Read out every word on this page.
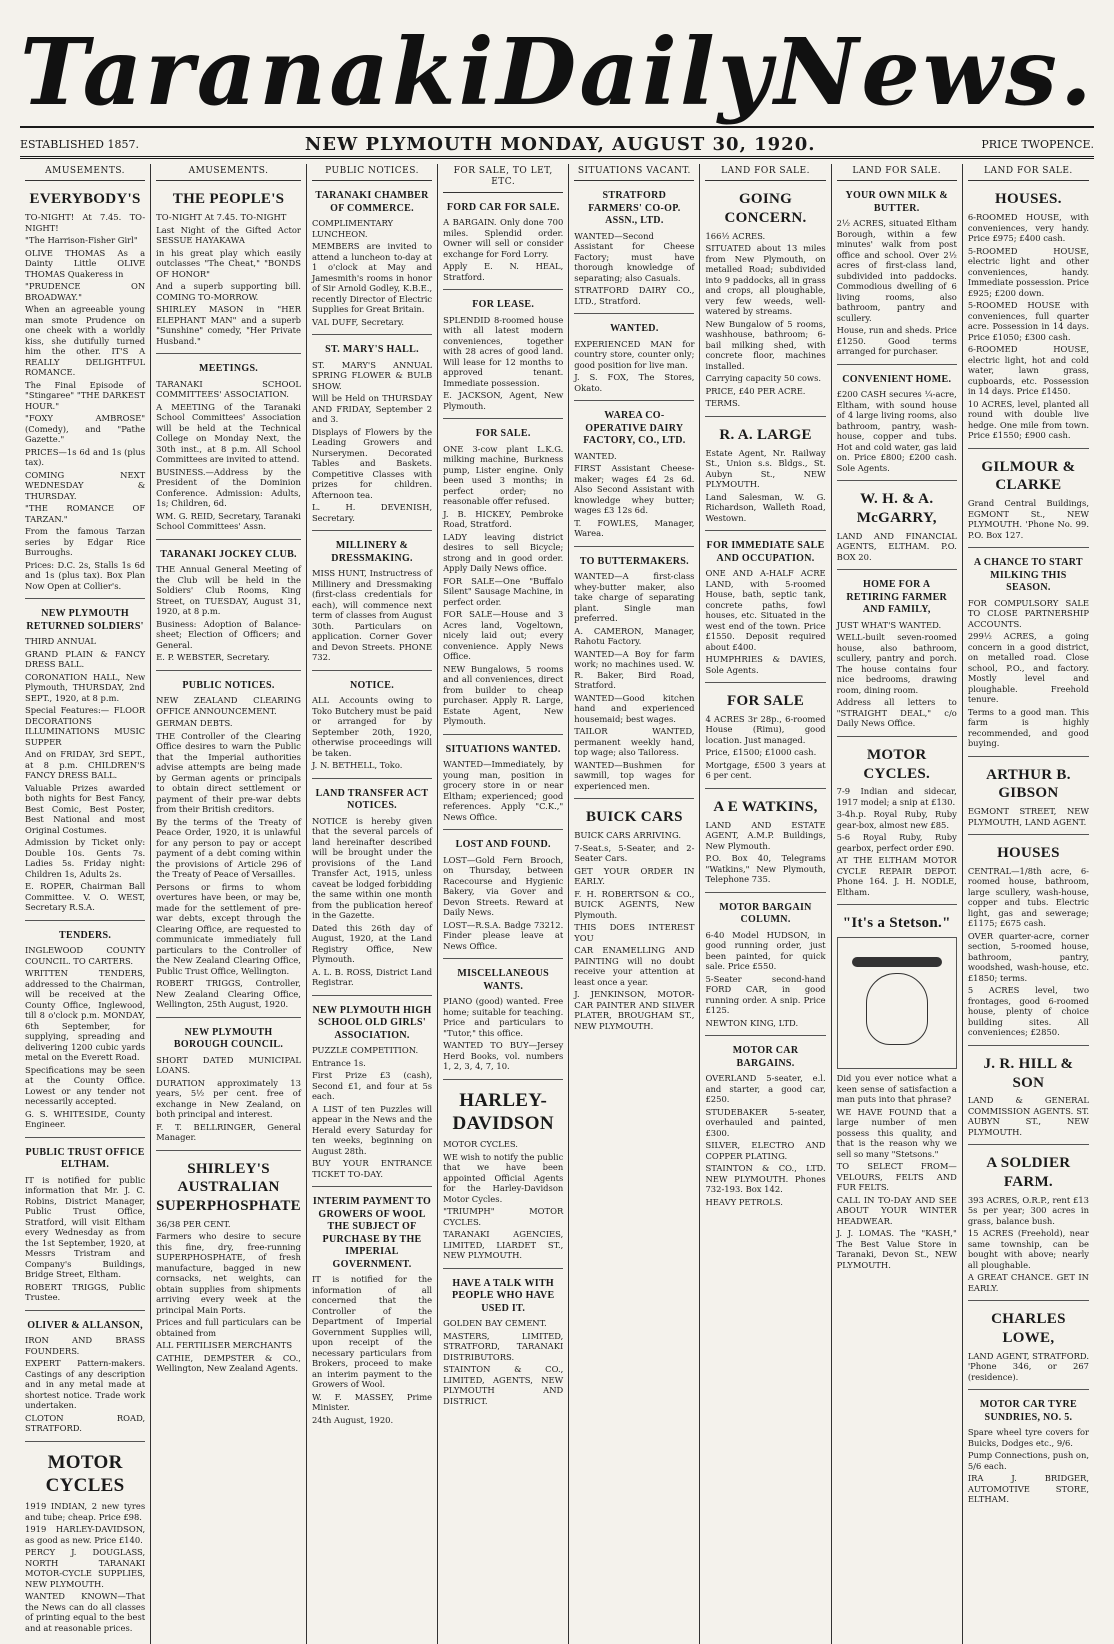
Taranaki Daily News.
ESTABLISHED 1857.	NEW PLYMOUTH MONDAY, AUGUST 30, 1920.	PRICE TWOPENCE.
AMUSEMENTS.
EVERYBODY'S

TO-NIGHT! At 7.45. TO-NIGHT!

"The Harrison-Fisher Girl"

OLIVE THOMAS As a Dainty Little OLIVE THOMAS Quakeress in

"PRUDENCE ON BROADWAY."

When an agreeable young man smote Prudence on one cheek with a worldly kiss, she dutifully turned him the other. IT'S A REALLY DELIGHTFUL ROMANCE.

The Final Episode of "Stingaree" "THE DARKEST HOUR."

"FOXY AMBROSE" (Comedy), and "Pathe Gazette."

PRICES—1s 6d and 1s (plus tax).

COMING NEXT WEDNESDAY & THURSDAY.

"THE ROMANCE OF TARZAN."

From the famous Tarzan series by Edgar Rice Burroughs.

Prices: D.C. 2s, Stalls 1s 6d and 1s (plus tax). Box Plan Now Open at Collier's.

NEW PLYMOUTH RETURNED SOLDIERS'

THIRD ANNUAL

GRAND PLAIN & FANCY DRESS BALL.

CORONATION HALL, New Plymouth, THURSDAY, 2nd SEPT., 1920, at 8 p.m.

Special Features:— FLOOR DECORATIONS ILLUMINATIONS MUSIC SUPPER

And on FRIDAY, 3rd SEPT., at 8 p.m. CHILDREN'S FANCY DRESS BALL.

Valuable Prizes awarded both nights for Best Fancy, Best Comic, Best Poster, Best National and most Original Costumes.

Admission by Ticket only: Double 10s. Gents 7s. Ladies 5s. Friday night: Children 1s, Adults 2s.

E. ROPER, Chairman Ball Committee. V. O. WEST, Secretary R.S.A.

TENDERS.

INGLEWOOD COUNTY COUNCIL. TO CARTERS.

WRITTEN TENDERS, addressed to the Chairman, will be received at the County Office, Inglewood, till 8 o'clock p.m. MONDAY, 6th September, for supplying, spreading and delivering 1200 cubic yards metal on the Everett Road.

Specifications may be seen at the County Office. Lowest or any tender not necessarily accepted.

G. S. WHITESIDE, County Engineer.

PUBLIC TRUST OFFICE ELTHAM.

IT is notified for public information that Mr. J. C. Robins, District Manager, Public Trust Office, Stratford, will visit Eltham every Wednesday as from the 1st September, 1920, at Messrs Tristram and Company's Buildings, Bridge Street, Eltham.

ROBERT TRIGGS, Public Trustee.

OLIVER & ALLANSON,

IRON AND BRASS FOUNDERS.

EXPERT Pattern-makers. Castings of any description and in any metal made at shortest notice. Trade work undertaken.

CLOTON ROAD, STRATFORD.

MOTOR CYCLES

1919 INDIAN, 2 new tyres and tube; cheap. Price £98.

1919 HARLEY-DAVIDSON, as good as new. Price £140.

PERCY J. DOUGLASS, NORTH TARANAKI MOTOR-CYCLE SUPPLIES, NEW PLYMOUTH.

WANTED KNOWN—That the News can do all classes of printing equal to the best and at reasonable prices.

AMUSEMENTS.
THE PEOPLE'S

TO-NIGHT At 7.45. TO-NIGHT

Last Night of the Gifted Actor SESSUE HAYAKAWA

in his great play which easily outclasses "The Cheat," "BONDS OF HONOR"

And a superb supporting bill. COMING TO-MORROW.

SHIRLEY MASON in "HER ELEPHANT MAN" and a superb "Sunshine" comedy, "Her Private Husband."

MEETINGS.

TARANAKI SCHOOL COMMITTEES' ASSOCIATION.

A MEETING of the Taranaki School Committees' Association will be held at the Technical College on Monday Next, the 30th inst., at 8 p.m. All School Committees are invited to attend.

BUSINESS.—Address by the President of the Dominion Conference. Admission: Adults, 1s; Children, 6d.

WM. G. REID, Secretary, Taranaki School Committees' Assn.

TARANAKI JOCKEY CLUB.

THE Annual General Meeting of the Club will be held in the Soldiers' Club Rooms, King Street, on TUESDAY, August 31, 1920, at 8 p.m.

Business: Adoption of Balance-sheet; Election of Officers; and General.

E. P. WEBSTER, Secretary.

PUBLIC NOTICES.

NEW ZEALAND CLEARING OFFICE ANNOUNCEMENT.

GERMAN DEBTS.

THE Controller of the Clearing Office desires to warn the Public that the Imperial authorities advise attempts are being made by German agents or principals to obtain direct settlement or payment of their pre-war debts from their British creditors.

By the terms of the Treaty of Peace Order, 1920, it is unlawful for any person to pay or accept payment of a debt coming within the provisions of Article 296 of the Treaty of Peace of Versailles.

Persons or firms to whom overtures have been, or may be, made for the settlement of pre-war debts, except through the Clearing Office, are requested to communicate immediately full particulars to the Controller of the New Zealand Clearing Office, Public Trust Office, Wellington.

ROBERT TRIGGS, Controller, New Zealand Clearing Office, Wellington, 25th August, 1920.

NEW PLYMOUTH BOROUGH COUNCIL.

SHORT DATED MUNICIPAL LOANS.

DURATION approximately 13 years, 5½ per cent. free of exchange in New Zealand, on both principal and interest.

F. T. BELLRINGER, General Manager.

SHIRLEY'S AUSTRALIAN SUPERPHOSPHATE

36/38 PER CENT.

Farmers who desire to secure this fine, dry, free-running SUPERPHOSPHATE, of fresh manufacture, bagged in new cornsacks, net weights, can obtain supplies from shipments arriving every week at the principal Main Ports.

Prices and full particulars can be obtained from

ALL FERTILISER MERCHANTS

CATHIE, DEMPSTER & CO., Wellington, New Zealand Agents.

PUBLIC NOTICES.
TARANAKI CHAMBER OF COMMERCE.

COMPLIMENTARY LUNCHEON.

MEMBERS are invited to attend a luncheon to-day at 1 o'clock at May and Jamesmith's rooms in honor of Sir Arnold Godley, K.B.E., recently Director of Electric Supplies for Great Britain.

VAL DUFF, Secretary.

ST. MARY'S HALL.

ST. MARY'S ANNUAL SPRING FLOWER & BULB SHOW.

Will be Held on THURSDAY AND FRIDAY, September 2 and 3.

Displays of Flowers by the Leading Growers and Nurserymen. Decorated Tables and Baskets. Competitive Classes with prizes for children. Afternoon tea.

L. H. DEVENISH, Secretary.

MILLINERY & DRESSMAKING.

MISS HUNT, Instructress of Millinery and Dressmaking (first-class credentials for each), will commence next term of classes from August 30th. Particulars on application. Corner Gover and Devon Streets. PHONE 732.

NOTICE.

ALL Accounts owing to Toko Butchery must be paid or arranged for by September 20th, 1920, otherwise proceedings will be taken.

J. N. BETHELL, Toko.

LAND TRANSFER ACT NOTICES.

NOTICE is hereby given that the several parcels of land hereinafter described will be brought under the provisions of the Land Transfer Act, 1915, unless caveat be lodged forbidding the same within one month from the publication hereof in the Gazette.

Dated this 26th day of August, 1920, at the Land Registry Office, New Plymouth.

A. L. B. ROSS, District Land Registrar.

NEW PLYMOUTH HIGH SCHOOL OLD GIRLS' ASSOCIATION.

PUZZLE COMPETITION.

Entrance 1s.

First Prize £3 (cash), Second £1, and four at 5s each.

A LIST of ten Puzzles will appear in the News and the Herald every Saturday for ten weeks, beginning on August 28th.

BUY YOUR ENTRANCE TICKET TO-DAY.

INTERIM PAYMENT TO GROWERS OF WOOL THE SUBJECT OF PURCHASE BY THE IMPERIAL GOVERNMENT.

IT is notified for the information of all concerned that the Controller of the Department of Imperial Government Supplies will, upon receipt of the necessary particulars from Brokers, proceed to make an interim payment to the Growers of Wool.

W. F. MASSEY, Prime Minister.

24th August, 1920.

FOR SALE, TO LET, ETC.
FORD CAR FOR SALE.

A BARGAIN. Only done 700 miles. Splendid order. Owner will sell or consider exchange for Ford Lorry.

Apply E. N. HEAL, Stratford.

FOR LEASE.

SPLENDID 8-roomed house with all latest modern conveniences, together with 28 acres of good land. Will lease for 12 months to approved tenant. Immediate possession.

E. JACKSON, Agent, New Plymouth.

FOR SALE.

ONE 3-cow plant L.K.G. milking machine, Burkness pump, Lister engine. Only been used 3 months; in perfect order; no reasonable offer refused.

J. B. HICKEY, Pembroke Road, Stratford.

LADY leaving district desires to sell Bicycle; strong and in good order. Apply Daily News office.

FOR SALE—One "Buffalo Silent" Sausage Machine, in perfect order.

FOR SALE—House and 3 Acres land, Vogeltown, nicely laid out; every convenience. Apply News Office.

NEW Bungalows, 5 rooms and all conveniences, direct from builder to cheap purchaser. Apply R. Large, Estate Agent, New Plymouth.

SITUATIONS WANTED.

WANTED—Immediately, by young man, position in grocery store in or near Eltham; experienced; good references. Apply "C.K.," News Office.

LOST AND FOUND.

LOST—Gold Fern Brooch, on Thursday, between Racecourse and Hygienic Bakery, via Gover and Devon Streets. Reward at Daily News.

LOST—R.S.A. Badge 73212. Finder please leave at News Office.

MISCELLANEOUS WANTS.

PIANO (good) wanted. Free home; suitable for teaching. Price and particulars to "Tutor," this office.

WANTED TO BUY—Jersey Herd Books, vol. numbers 1, 2, 3, 4, 7, 10.

HARLEY-DAVIDSON

MOTOR CYCLES.

WE wish to notify the public that we have been appointed Official Agents for the Harley-Davidson Motor Cycles.

"TRIUMPH" MOTOR CYCLES.

TARANAKI AGENCIES, LIMITED, LIARDET ST., NEW PLYMOUTH.

HAVE A TALK WITH PEOPLE WHO HAVE USED IT.

GOLDEN BAY CEMENT.

MASTERS, LIMITED, STRATFORD, TARANAKI DISTRIBUTORS.

STAINTON & CO., LIMITED, AGENTS, NEW PLYMOUTH AND DISTRICT.

SITUATIONS VACANT.
STRATFORD FARMERS' CO-OP. ASSN., LTD.

WANTED—Second Assistant for Cheese Factory; must have thorough knowledge of separating; also Casuals.

STRATFORD DAIRY CO., LTD., Stratford.

WANTED.

EXPERIENCED MAN for country store, counter only; good position for live man.

J. S. FOX, The Stores, Okato.

WAREA CO-OPERATIVE DAIRY FACTORY, CO., LTD.

WANTED.

FIRST Assistant Cheese-maker; wages £4 2s 6d. Also Second Assistant with knowledge whey butter; wages £3 12s 6d.

T. FOWLES, Manager, Warea.

TO BUTTERMAKERS.

WANTED—A first-class whey-butter maker, also take charge of separating plant. Single man preferred.

A. CAMERON, Manager, Rahotu Factory.

WANTED—A Boy for farm work; no machines used. W. R. Baker, Bird Road, Stratford.

WANTED—Good kitchen hand and experienced housemaid; best wages.

TAILOR WANTED, permanent weekly hand, top wage; also Tailoress.

WANTED—Bushmen for sawmill, top wages for experienced men.

BUICK CARS

BUICK CARS ARRIVING.

7-Seat.s, 5-Seater, and 2-Seater Cars.

GET YOUR ORDER IN EARLY.

F. H. ROBERTSON & CO., BUICK AGENTS, New Plymouth.

THIS DOES INTEREST YOU

CAR ENAMELLING AND PAINTING will no doubt receive your attention at least once a year.

J. JENKINSON, MOTOR-CAR PAINTER AND SILVER PLATER, BROUGHAM ST., NEW PLYMOUTH.

LAND FOR SALE.
GOING CONCERN.

166½ ACRES.

SITUATED about 13 miles from New Plymouth, on metalled Road; subdivided into 9 paddocks, all in grass and crops, all ploughable, very few weeds, well-watered by streams.

New Bungalow of 5 rooms, washhouse, bathroom; 6-bail milking shed, with concrete floor, machines installed.

Carrying capacity 50 cows.

PRICE, £40 PER ACRE.

TERMS.

R. A. LARGE

Estate Agent, Nr. Railway St., Union s.s. Bldgs., St. Aubyn St., NEW PLYMOUTH.

Land Salesman, W. G. Richardson, Walleth Road, Westown.

FOR IMMEDIATE SALE AND OCCUPATION.

ONE AND A-HALF ACRE LAND, with 5-roomed House, bath, septic tank, concrete paths, fowl houses, etc. Situated in the west end of the town. Price £1550. Deposit required about £400.

HUMPHRIES & DAVIES, Sole Agents.

FOR SALE

4 ACRES 3r 28p., 6-roomed House (Rimu), good location. Just managed.

Price, £1500; £1000 cash.

Mortgage, £500 3 years at 6 per cent.

A E WATKINS,

LAND AND ESTATE AGENT, A.M.P. Buildings, New Plymouth.

P.O. Box 40, Telegrams "Watkins," New Plymouth, Telephone 735.

MOTOR BARGAIN COLUMN.

6-40 Model HUDSON, in good running order, just been painted, for quick sale. Price £550.

5-Seater second-hand FORD CAR, in good running order. A snip. Price £125.

NEWTON KING, LTD.

MOTOR CAR BARGAINS.

OVERLAND 5-seater, e.l. and starter, a good car, £250.

STUDEBAKER 5-seater, overhauled and painted, £300.

SILVER, ELECTRO AND COPPER PLATING.

STAINTON & CO., LTD. NEW PLYMOUTH. Phones 732-193. Box 142.

HEAVY PETROLS.

LAND FOR SALE.
YOUR OWN MILK & BUTTER.

2½ ACRES, situated Eltham Borough, within a few minutes' walk from post office and school. Over 2½ acres of first-class land, subdivided into paddocks. Commodious dwelling of 6 living rooms, also bathroom, pantry and scullery.

House, run and sheds. Price £1250. Good terms arranged for purchaser.

CONVENIENT HOME.

£200 CASH secures ¼-acre, Eltham, with sound house of 4 large living rooms, also bathroom, pantry, wash-house, copper and tubs. Hot and cold water, gas laid on. Price £800; £200 cash. Sole Agents.

W. H. & A. McGARRY,

LAND AND FINANCIAL AGENTS, ELTHAM. P.O. BOX 20.

HOME FOR A RETIRING FARMER AND FAMILY,

JUST WHAT'S WANTED.

WELL-built seven-roomed house, also bathroom, scullery, pantry and porch. The house contains four nice bedrooms, drawing room, dining room.

Address all letters to "STRAIGHT DEAL," c/o Daily News Office.

MOTOR CYCLES.

7-9 Indian and sidecar, 1917 model; a snip at £130.

3-4h.p. Royal Ruby, Ruby gear-box, almost new £85.

5-6 Royal Ruby, Ruby gearbox, perfect order £90.

AT THE ELTHAM MOTOR CYCLE REPAIR DEPOT. Phone 164. J. H. NODLE, Eltham.

"It's a Stetson."

Did you ever notice what a keen sense of satisfaction a man puts into that phrase?

WE HAVE FOUND that a large number of men possess this quality, and that is the reason why we sell so many "Stetsons."

TO SELECT FROM— VELOURS, FELTS AND FUR FELTS.

CALL IN TO-DAY AND SEE ABOUT YOUR WINTER HEADWEAR.

J. J. LOMAS. The "KASH," The Best Value Store in Taranaki, Devon St., NEW PLYMOUTH.

LAND FOR SALE.
HOUSES.

6-ROOMED HOUSE, with conveniences, very handy. Price £975; £400 cash.

5-ROOMED HOUSE, electric light and other conveniences, handy. Immediate possession. Price £925; £200 down.

5-ROOMED HOUSE with conveniences, full quarter acre. Possession in 14 days. Price £1050; £300 cash.

6-ROOMED HOUSE, electric light, hot and cold water, lawn grass, cupboards, etc. Possession in 14 days. Price £1450.

10 ACRES, level, planted all round with double live hedge. One mile from town. Price £1550; £900 cash.

GILMOUR & CLARKE

Grand Central Buildings, EGMONT St., NEW PLYMOUTH. 'Phone No. 99. P.O. Box 127.

A CHANCE TO START MILKING THIS SEASON.

FOR COMPULSORY SALE TO CLOSE PARTNERSHIP ACCOUNTS.

299½ ACRES, a going concern in a good district, on metalled road. Close school, P.O., and factory. Mostly level and ploughable. Freehold tenure.

Terms to a good man. This farm is highly recommended, and good buying.

ARTHUR B. GIBSON

EGMONT STREET, NEW PLYMOUTH, LAND AGENT.

HOUSES

CENTRAL—1/8th acre, 6-roomed house, bathroom, large scullery, wash-house, copper and tubs. Electric light, gas and sewerage; £1175; £675 cash.

OVER quarter-acre, corner section, 5-roomed house, bathroom, pantry, woodshed, wash-house, etc. £1850; terms.

5 ACRES level, two frontages, good 6-roomed house, plenty of choice building sites. All conveniences; £2850.

J. R. HILL & SON

LAND & GENERAL COMMISSION AGENTS. ST. AUBYN ST., NEW PLYMOUTH.

A SOLDIER FARM.

393 ACRES, O.R.P., rent £13 5s per year; 300 acres in grass, balance bush.

15 ACRES (Freehold), near same township, can be bought with above; nearly all ploughable.

A GREAT CHANCE. GET IN EARLY.

CHARLES LOWE,

LAND AGENT, STRATFORD. 'Phone 346, or 267 (residence).

MOTOR CAR TYRE SUNDRIES, NO. 5.

Spare wheel tyre covers for Buicks, Dodges etc., 9/6.

Pump Connections, push on, 5/6 each.

IRA J. BRIDGER, AUTOMOTIVE STORE, ELTHAM.
